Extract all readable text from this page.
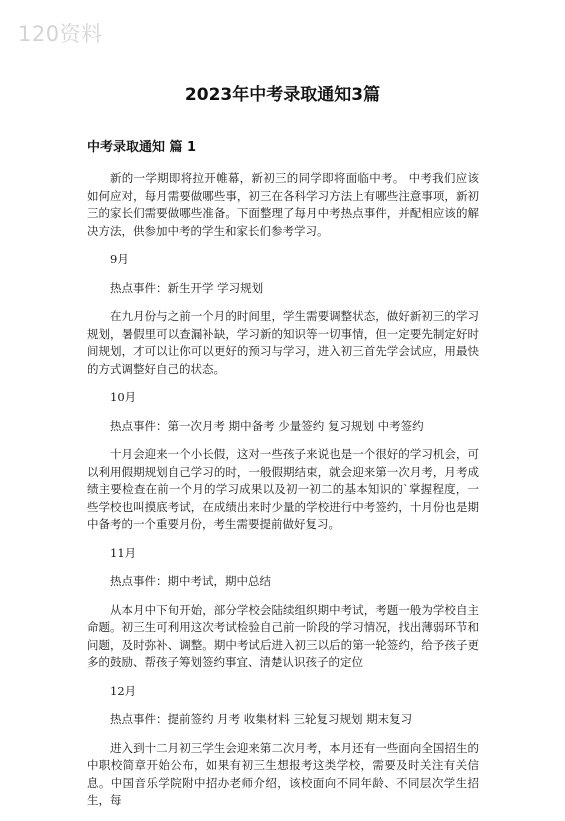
120资料
2023年中考录取通知3篇
中考录取通知 篇 1

新的一学期即将拉开帷幕，新初三的同学即将面临中考。 中考我们应该如何应对，每月需要做哪些事，初三在各科学习方法上有哪些注意事项，新初三的家长们需要做哪些准备。下面整理了每月中考热点事件，并配相应该的解决方法，供参加中考的学生和家长们参考学习。

9月

热点事件：新生开学 学习规划

在九月份与之前一个月的时间里，学生需要调整状态，做好新初三的学习规划，暑假里可以查漏补缺，学习新的知识等一切事情，但一定要先制定好时间规划，才可以让你可以更好的预习与学习，进入初三首先学会试应，用最快的方式调整好自己的状态。

10月

热点事件：第一次月考 期中备考 少量签约 复习规划 中考签约

十月会迎来一个小长假，这对一些孩子来说也是一个很好的学习机会，可以利用假期规划自己学习的时，一般假期结束，就会迎来第一次月考，月考成绩主要检查在前一个月的学习成果以及初一初二的基本知识的`掌握程度，一些学校也叫摸底考试，在成绩出来时少量的学校进行中考签约，十月份也是期中备考的一个重要月份，考生需要提前做好复习。

11月

热点事件：期中考试，期中总结

从本月中下旬开始，部分学校会陆续组织期中考试，考题一般为学校自主命题。初三生可利用这次考试检验自己前一阶段的学习情况，找出薄弱环节和问题，及时弥补、调整。期中考试后进入初三以后的第一轮签约，给予孩子更多的鼓励、帮孩子筹划签约事宜、清楚认识孩子的定位

12月

热点事件：提前签约 月考 收集材料 三轮复习规划 期末复习

进入到十二月初三学生会迎来第二次月考，本月还有一些面向全国招生的中职校简章开始公布，如果有初三生想报考这类学校，需要及时关注有关信息。中国音乐学院附中招办老师介绍，该校面向不同年龄、不同层次学生招生，每
